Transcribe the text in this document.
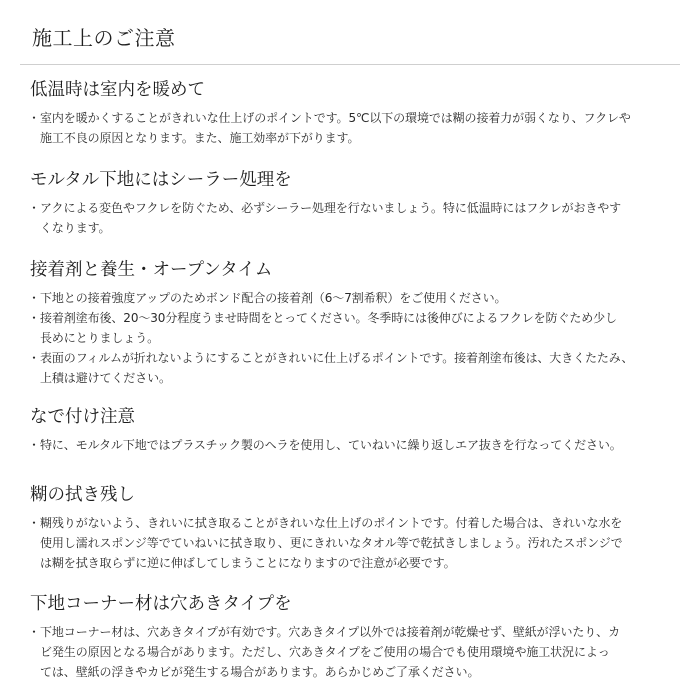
施工上のご注意
低温時は室内を暖めて
・ 室内を暖かくすることがきれいな仕上げのポイントです。5℃以下の環境では糊の接着力が弱くなり、フクレや
施工不良の原因となります。また、施工効率が下がります。
モルタル下地にはシーラー処理を
・ アクによる変色やフクレを防ぐため、必ずシーラー処理を行ないましょう。特に低温時にはフクレがおきやす
くなります。
接着剤と養生・オープンタイム
・ 下地との接着強度アップのためボンド配合の接着剤（6〜7割希釈）をご使用ください。
・ 接着剤塗布後、20〜30分程度うませ時間をとってください。冬季時には後伸びによるフクレを防ぐため少し
長めにとりましょう。
・ 表面のフィルムが折れないようにすることがきれいに仕上げるポイントです。接着剤塗布後は、大きくたたみ、
上積は避けてください。
なで付け注意
・ 特に、モルタル下地ではプラスチック製のヘラを使用し、ていねいに繰り返しエア抜きを行なってください。
糊の拭き残し
・ 糊残りがないよう、きれいに拭き取ることがきれいな仕上げのポイントです。付着した場合は、きれいな水を
使用し濡れスポンジ等でていねいに拭き取り、更にきれいなタオル等で乾拭きしましょう。汚れたスポンジで
は糊を拭き取らずに逆に伸ばしてしまうことになりますので注意が必要です。
下地コーナー材は穴あきタイプを
・ 下地コーナー材は、穴あきタイプが有効です。穴あきタイプ以外では接着剤が乾燥せず、壁紙が浮いたり、カ
ビ発生の原因となる場合があります。ただし、穴あきタイプをご使用の場合でも使用環境や施工状況によっ
ては、壁紙の浮きやカビが発生する場合があります。あらかじめご了承ください。
